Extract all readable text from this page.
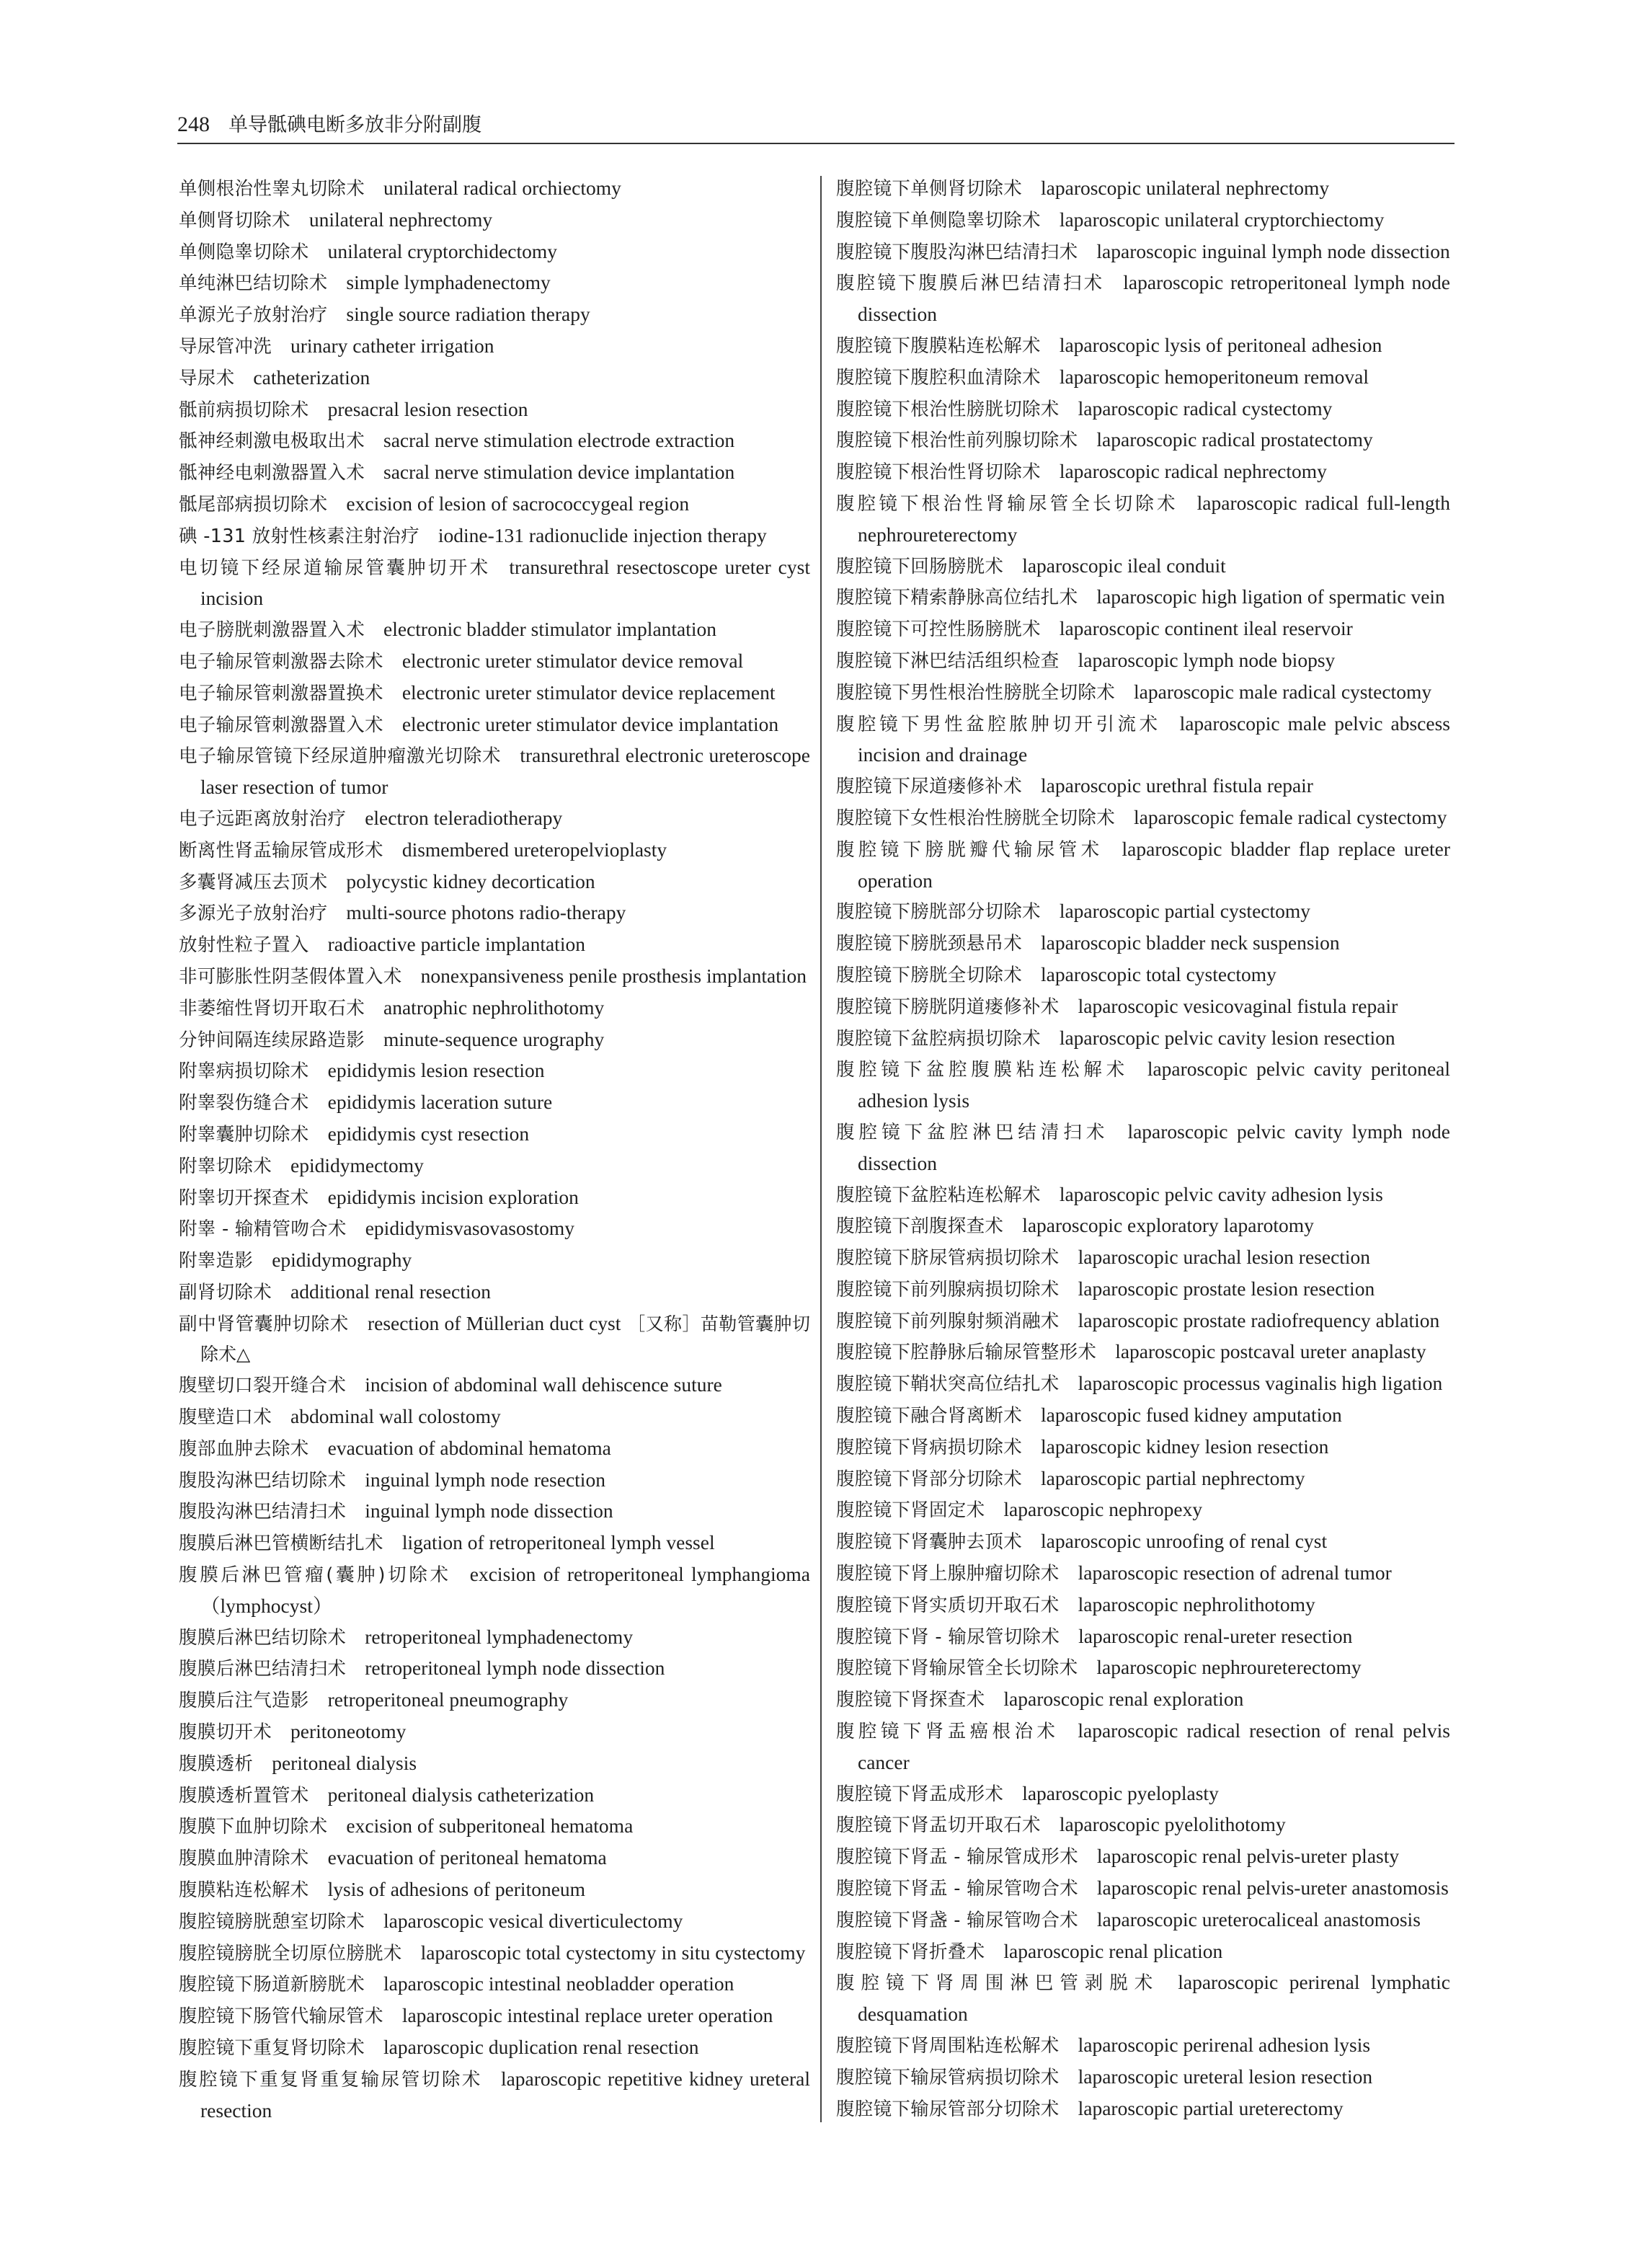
248 单导骶碘电断多放非分附副腹
单侧根治性睾丸切除术 unilateral radical orchiectomy
单侧肾切除术 unilateral nephrectomy
单侧隐睾切除术 unilateral cryptorchidectomy
单纯淋巴结切除术 simple lymphadenectomy
单源光子放射治疗 single source radiation therapy
导尿管冲洗 urinary catheter irrigation
导尿术 catheterization
骶前病损切除术 presacral lesion resection
骶神经刺激电极取出术 sacral nerve stimulation electrode extraction
骶神经电刺激器置入术 sacral nerve stimulation device implantation
骶尾部病损切除术 excision of lesion of sacrococcygeal region
碘 -131 放射性核素注射治疗 iodine-131 radionuclide injection therapy
电切镜下经尿道输尿管囊肿切开术 transurethral resectoscope ureter cyst incision
电子膀胱刺激器置入术 electronic bladder stimulator implantation
电子输尿管刺激器去除术 electronic ureter stimulator device removal
电子输尿管刺激器置换术 electronic ureter stimulator device replacement
电子输尿管刺激器置入术 electronic ureter stimulator device implantation
电子输尿管镜下经尿道肿瘤激光切除术 transurethral electronic ureteroscope laser resection of tumor
电子远距离放射治疗 electron teleradiotherapy
断离性肾盂输尿管成形术 dismembered ureteropelvioplasty
多囊肾减压去顶术 polycystic kidney decortication
多源光子放射治疗 multi-source photons radio-therapy
放射性粒子置入 radioactive particle implantation
非可膨胀性阴茎假体置入术 nonexpansiveness penile prosthesis implantation
非萎缩性肾切开取石术 anatrophic nephrolithotomy
分钟间隔连续尿路造影 minute-sequence urography
附睾病损切除术 epididymis lesion resection
附睾裂伤缝合术 epididymis laceration suture
附睾囊肿切除术 epididymis cyst resection
附睾切除术 epididymectomy
附睾切开探查术 epididymis incision exploration
附睾 - 输精管吻合术 epididymisvasovasostomy
附睾造影 epididymography
副肾切除术 additional renal resection
副中肾管囊肿切除术 resection of Müllerian duct cyst ［又称］苗勒管囊肿切除术△
腹壁切口裂开缝合术 incision of abdominal wall dehiscence suture
腹壁造口术 abdominal wall colostomy
腹部血肿去除术 evacuation of abdominal hematoma
腹股沟淋巴结切除术 inguinal lymph node resection
腹股沟淋巴结清扫术 inguinal lymph node dissection
腹膜后淋巴管横断结扎术 ligation of retroperitoneal lymph vessel
腹膜后淋巴管瘤(囊肿)切除术 excision of retroperitoneal lymphangioma（lymphocyst）
腹膜后淋巴结切除术 retroperitoneal lymphadenectomy
腹膜后淋巴结清扫术 retroperitoneal lymph node dissection
腹膜后注气造影 retroperitoneal pneumography
腹膜切开术 peritoneotomy
腹膜透析 peritoneal dialysis
腹膜透析置管术 peritoneal dialysis catheterization
腹膜下血肿切除术 excision of subperitoneal hematoma
腹膜血肿清除术 evacuation of peritoneal hematoma
腹膜粘连松解术 lysis of adhesions of peritoneum
腹腔镜膀胱憩室切除术 laparoscopic vesical diverticulectomy
腹腔镜膀胱全切原位膀胱术 laparoscopic total cystectomy in situ cystectomy
腹腔镜下肠道新膀胱术 laparoscopic intestinal neobladder operation
腹腔镜下肠管代输尿管术 laparoscopic intestinal replace ureter operation
腹腔镜下重复肾切除术 laparoscopic duplication renal resection
腹腔镜下重复肾重复输尿管切除术 laparoscopic repetitive kidney ureteral resection
腹腔镜下单侧肾切除术 laparoscopic unilateral nephrectomy
腹腔镜下单侧隐睾切除术 laparoscopic unilateral cryptorchiectomy
腹腔镜下腹股沟淋巴结清扫术 laparoscopic inguinal lymph node dissection
腹腔镜下腹膜后淋巴结清扫术 laparoscopic retroperitoneal lymph node dissection
腹腔镜下腹膜粘连松解术 laparoscopic lysis of peritoneal adhesion
腹腔镜下腹腔积血清除术 laparoscopic hemoperitoneum removal
腹腔镜下根治性膀胱切除术 laparoscopic radical cystectomy
腹腔镜下根治性前列腺切除术 laparoscopic radical prostatectomy
腹腔镜下根治性肾切除术 laparoscopic radical nephrectomy
腹腔镜下根治性肾输尿管全长切除术 laparoscopic radical full-length nephroureterectomy
腹腔镜下回肠膀胱术 laparoscopic ileal conduit
腹腔镜下精索静脉高位结扎术 laparoscopic high ligation of spermatic vein
腹腔镜下可控性肠膀胱术 laparoscopic continent ileal reservoir
腹腔镜下淋巴结活组织检查 laparoscopic lymph node biopsy
腹腔镜下男性根治性膀胱全切除术 laparoscopic male radical cystectomy
腹腔镜下男性盆腔脓肿切开引流术 laparoscopic male pelvic abscess incision and drainage
腹腔镜下尿道瘘修补术 laparoscopic urethral fistula repair
腹腔镜下女性根治性膀胱全切除术 laparoscopic female radical cystectomy
腹腔镜下膀胱瓣代输尿管术 laparoscopic bladder flap replace ureter operation
腹腔镜下膀胱部分切除术 laparoscopic partial cystectomy
腹腔镜下膀胱颈悬吊术 laparoscopic bladder neck suspension
腹腔镜下膀胱全切除术 laparoscopic total cystectomy
腹腔镜下膀胱阴道瘘修补术 laparoscopic vesicovaginal fistula repair
腹腔镜下盆腔病损切除术 laparoscopic pelvic cavity lesion resection
腹腔镜下盆腔腹膜粘连松解术 laparoscopic pelvic cavity peritoneal adhesion lysis
腹腔镜下盆腔淋巴结清扫术 laparoscopic pelvic cavity lymph node dissection
腹腔镜下盆腔粘连松解术 laparoscopic pelvic cavity adhesion lysis
腹腔镜下剖腹探查术 laparoscopic exploratory laparotomy
腹腔镜下脐尿管病损切除术 laparoscopic urachal lesion resection
腹腔镜下前列腺病损切除术 laparoscopic prostate lesion resection
腹腔镜下前列腺射频消融术 laparoscopic prostate radiofrequency ablation
腹腔镜下腔静脉后输尿管整形术 laparoscopic postcaval ureter anaplasty
腹腔镜下鞘状突高位结扎术 laparoscopic processus vaginalis high ligation
腹腔镜下融合肾离断术 laparoscopic fused kidney amputation
腹腔镜下肾病损切除术 laparoscopic kidney lesion resection
腹腔镜下肾部分切除术 laparoscopic partial nephrectomy
腹腔镜下肾固定术 laparoscopic nephropexy
腹腔镜下肾囊肿去顶术 laparoscopic unroofing of renal cyst
腹腔镜下肾上腺肿瘤切除术 laparoscopic resection of adrenal tumor
腹腔镜下肾实质切开取石术 laparoscopic nephrolithotomy
腹腔镜下肾 - 输尿管切除术 laparoscopic renal-ureter resection
腹腔镜下肾输尿管全长切除术 laparoscopic nephroureterectomy
腹腔镜下肾探查术 laparoscopic renal exploration
腹腔镜下肾盂癌根治术 laparoscopic radical resection of renal pelvis cancer
腹腔镜下肾盂成形术 laparoscopic pyeloplasty
腹腔镜下肾盂切开取石术 laparoscopic pyelolithotomy
腹腔镜下肾盂 - 输尿管成形术 laparoscopic renal pelvis-ureter plasty
腹腔镜下肾盂 - 输尿管吻合术 laparoscopic renal pelvis-ureter anastomosis
腹腔镜下肾盏 - 输尿管吻合术 laparoscopic ureterocaliceal anastomosis
腹腔镜下肾折叠术 laparoscopic renal plication
腹腔镜下肾周围淋巴管剥脱术 laparoscopic perirenal lymphatic desquamation
腹腔镜下肾周围粘连松解术 laparoscopic perirenal adhesion lysis
腹腔镜下输尿管病损切除术 laparoscopic ureteral lesion resection
腹腔镜下输尿管部分切除术 laparoscopic partial ureterectomy
